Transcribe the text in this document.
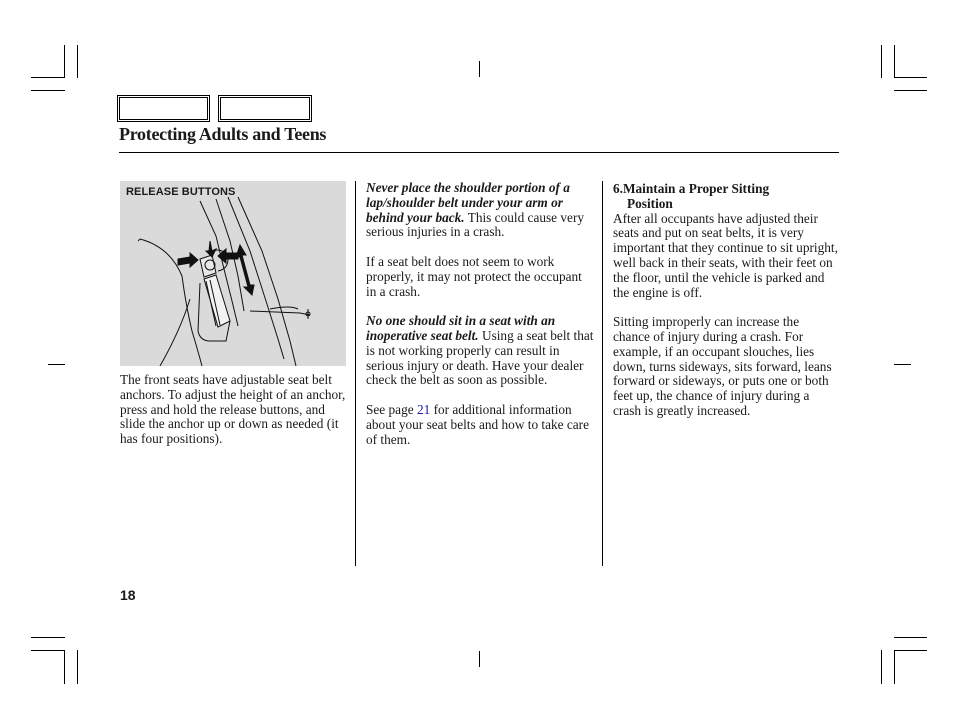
Protecting Adults and Teens
RELEASE BUTTONS

The front seats have adjustable seat belt anchors. To adjust the height of an anchor, press and hold the release buttons, and slide the anchor up or down as needed (it has four positions).

Never place the shoulder portion of a lap/shoulder belt under your arm or behind your back. This could cause very serious injuries in a crash.

If a seat belt does not seem to work properly, it may not protect the occupant in a crash.

No one should sit in a seat with an inoperative seat belt. Using a seat belt that is not working properly can result in serious injury or death. Have your dealer check the belt as soon as possible.

See page 21 for additional information about your seat belts and how to take care of them.

6.Maintain a Proper Sitting
Position

After all occupants have adjusted their seats and put on seat belts, it is very important that they continue to sit upright, well back in their seats, with their feet on the floor, until the vehicle is parked and the engine is off.

Sitting improperly can increase the chance of injury during a crash. For example, if an occupant slouches, lies down, turns sideways, sits forward, leans forward or sideways, or puts one or both feet up, the chance of injury during a crash is greatly increased.

18
